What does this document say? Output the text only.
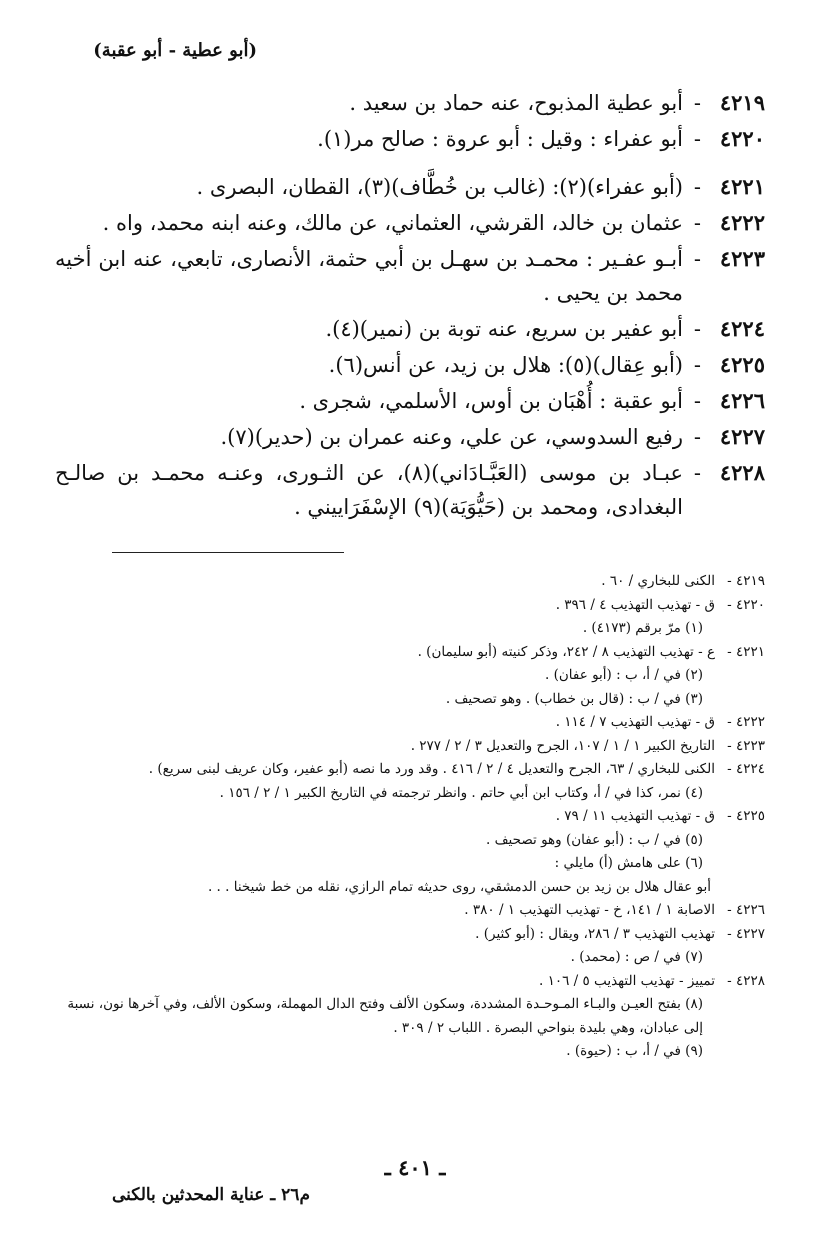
(أبو عطية - أبو عقبة)
٤٢١٩
-
أبو عطية المذبوح، عنه حماد بن سعيد .
٤٢٢٠
-
أبو عفراء : وقيل : أبو عروة : صالح مر(١).
٤٢٢١
-
(أبو عفراء)(٢): (غالب بن خُطَّاف)(٣)، القطان، البصرى .
٤٢٢٢
-
عثمان بن خالد، القرشي، العثماني، عن مالك، وعنه ابنه محمد، واه .
٤٢٢٣
-
أبـو عفـير : محمـد بن سهـل بن أبي حثمة، الأنصارى، تابعي، عنه ابن أخيه محمد بن يحيى .
٤٢٢٤
-
أبو عفير بن سريع، عنه توبة بن (نمير)(٤).
٤٢٢٥
-
(أبو عِقال)(٥): هلال بن زيد، عن أنس(٦).
٤٢٢٦
-
أبو عقبة : أُهْبَان بن أوس، الأسلمي، شجرى .
٤٢٢٧
-
رفيع السدوسي، عن علي، وعنه عمران بن (حدير)(٧).
٤٢٢٨
-
عبـاد بن موسى (العَبَّـادَاني)(٨)، عن الثـورى، وعنـه محمـد بن صالـح البغدادى، ومحمد بن (حَيُّوَيَة)(٩) الإسْفَرَاييني .
٤٢١٩ -
الكنى للبخاري / ٦٠ .
٤٢٢٠ -
ق - تهذيب التهذيب ٤ / ٣٩٦ .
(١) مرّ برقم (٤١٧٣) .
٤٢٢١ -
ع - تهذيب التهذيب ٨ / ٢٤٢، وذكر كنيته (أبو سليمان) .
(٢) في / أ، ب : (أبو عفان) .
(٣) في / ب : (قال بن خطاب) . وهو تصحيف .
٤٢٢٢ -
ق - تهذيب التهذيب ٧ / ١١٤ .
٤٢٢٣ -
التاريخ الكبير ١ / ١ / ١٠٧، الجرح والتعديل ٣ / ٢ / ٢٧٧ .
٤٢٢٤ -
الكنى للبخاري / ٦٣، الجرح والتعديل ٤ / ٢ / ٤١٦ . وقد ورد ما نصه (أبو عفير، وكان عريف لبنى سريع) .
(٤) نمر، كذا في / أ، وكتاب ابن أبي حاتم . وانظر ترجمته في التاريخ الكبير ١ / ٢ / ١٥٦ .
٤٢٢٥ -
ق - تهذيب التهذيب ١١ / ٧٩ .
(٥) في / ب : (أبو عفان) وهو تصحيف .
(٦) على هامش (أ) مايلي :
أبو عقال هلال بن زيد بن حسن الدمشقي، روى حديثه تمام الرازي، نقله من خط شيخنا . . .
٤٢٢٦ -
الاصابة ١ / ١٤١، خ - تهذيب التهذيب ١ / ٣٨٠ .
٤٢٢٧ -
تهذيب التهذيب ٣ / ٢٨٦، ويقال : (أبو كثير) .
(٧) في / ص : (محمد) .
٤٢٢٨ -
تمييز - تهذيب التهذيب ٥ / ١٠٦ .
(٨) بفتح العيـن والبـاء المـوحـدة المشددة، وسكون الألف وفتح الدال المهملة، وسكون الألف، وفي آخرها نون، نسبة إلى عبادان، وهي بليدة بنواحي البصرة . اللباب ٢ / ٣٠٩ .
(٩) في / أ، ب : (حيوة) .
ـ ٤٠١ ـ
م٢٦ ـ عناية المحدثين بالكنى
